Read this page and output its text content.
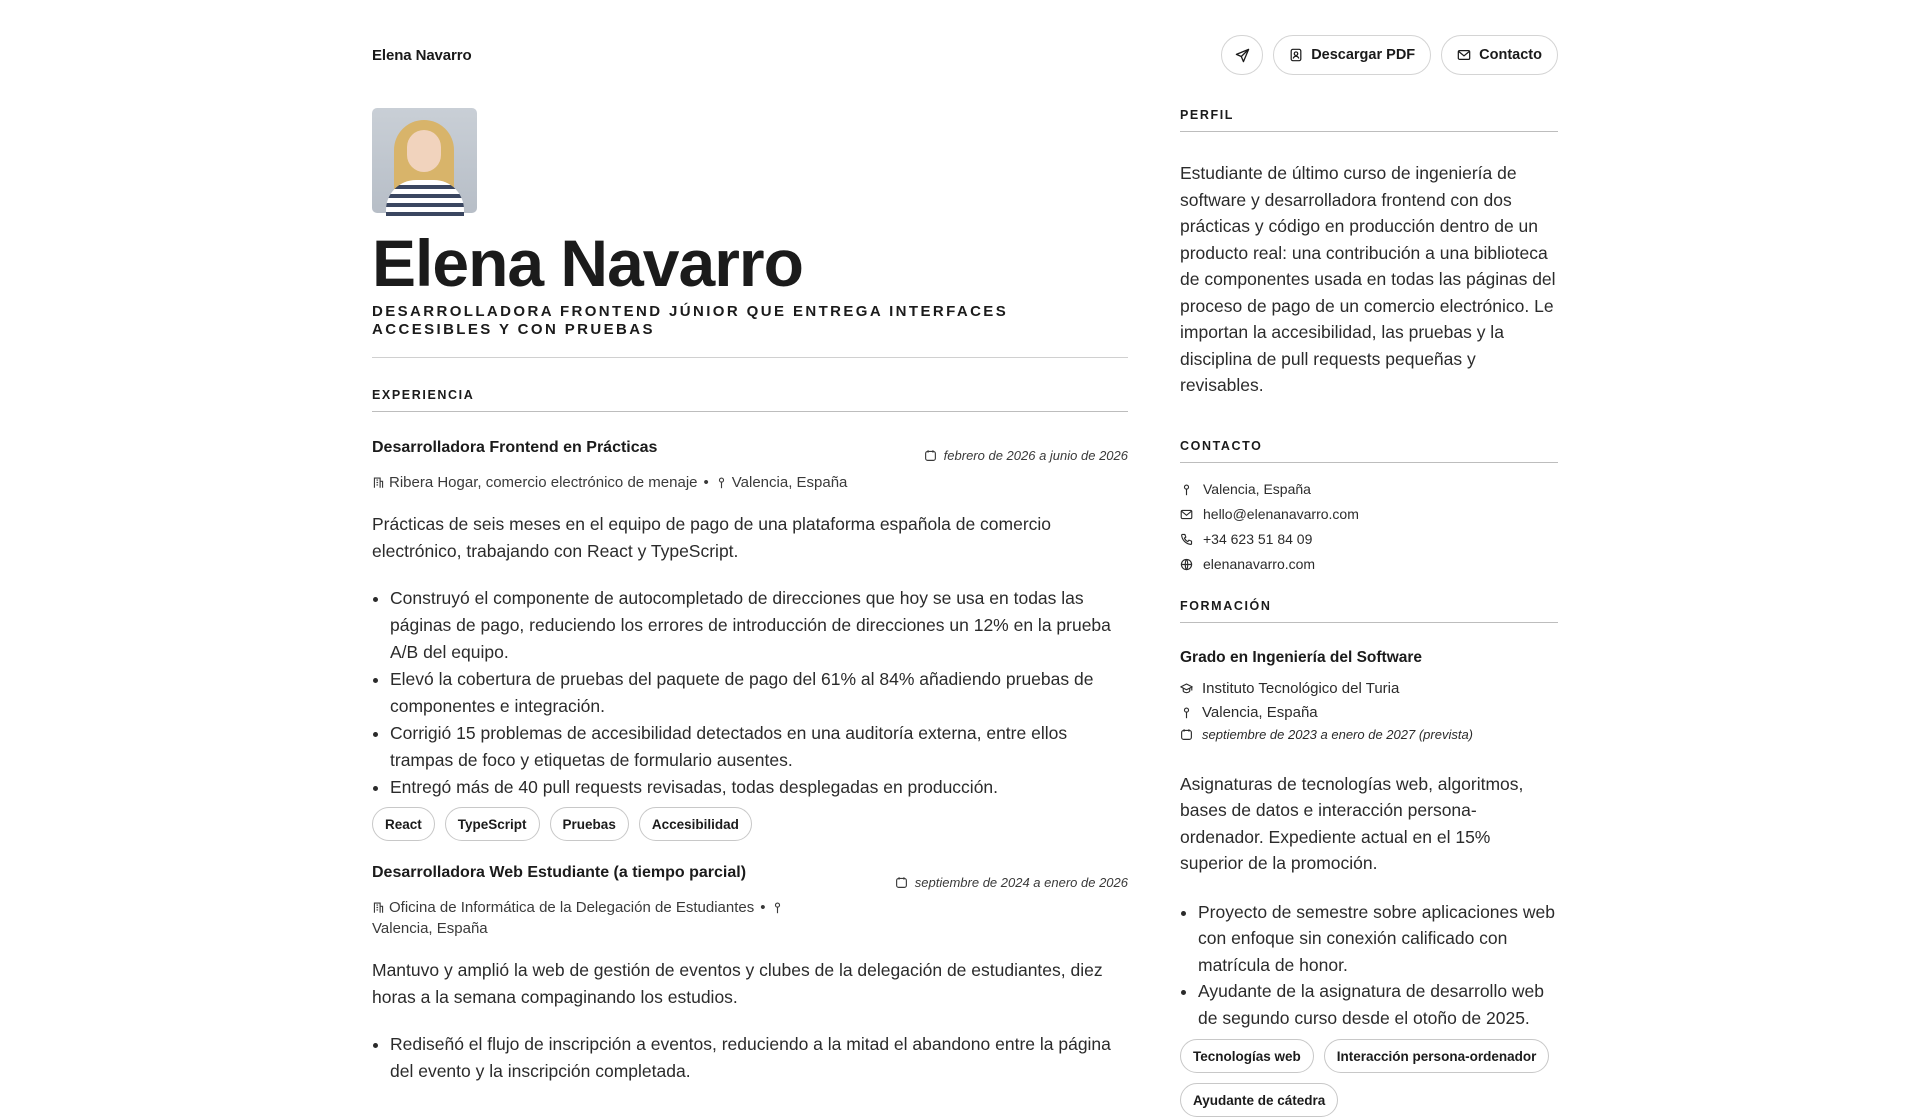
Elena Navarro	Descargar PDF	Contacto
Elena Navarro
DESARROLLADORA FRONTEND JÚNIOR QUE ENTREGA INTERFACES ACCESIBLES Y CON PRUEBAS
EXPERIENCIA
Desarrolladora Frontend en Prácticas	febrero de 2026 a junio de 2026
Ribera Hogar, comercio electrónico de menaje • Valencia, España

Prácticas de seis meses en el equipo de pago de una plataforma española de comercio electrónico, trabajando con React y TypeScript.

• Construyó el componente de autocompletado de direcciones que hoy se usa en todas las páginas de pago, reduciendo los errores de introducción de direcciones un 12% en la prueba A/B del equipo.
• Elevó la cobertura de pruebas del paquete de pago del 61% al 84% añadiendo pruebas de componentes e integración.
• Corrigió 15 problemas de accesibilidad detectados en una auditoría externa, entre ellos trampas de foco y etiquetas de formulario ausentes.
• Entregó más de 40 pull requests revisadas, todas desplegadas en producción.
React	TypeScript	Pruebas	Accesibilidad
Desarrolladora Web Estudiante (a tiempo parcial)
septiembre de 2024 a enero de 2026
Oficina de Informática de la Delegación de Estudiantes •Valencia, España

Mantuvo y amplió la web de gestión de eventos y clubes de la delegación de estudiantes, diez horas a la semana compaginando los estudios.

• Rediseñó el flujo de inscripción a eventos, reduciendo a la mitad el abandono entre la página del evento y la inscripción completada.
PERFIL

Estudiante de último curso de ingeniería de software y desarrolladora frontend con dos prácticas y código en producción dentro de un producto real: una contribución a una biblioteca de componentes usada en todas las páginas del proceso de pago de un comercio electrónico. Le importan la accesibilidad, las pruebas y la disciplina de pull requests pequeñas y revisables.

CONTACTO
Valencia, España
hello@elenanavarro.com
+34 623 51 84 09
elenanavarro.com
FORMACIÓN
Grado en Ingeniería del Software
Instituto Tecnológico del Turia
Valencia, España
septiembre de 2023 a enero de 2027 (prevista)

Asignaturas de tecnologías web, algoritmos, bases de datos e interacción persona-ordenador. Expediente actual en el 15% superior de la promoción.

• Proyecto de semestre sobre aplicaciones web con enfoque sin conexión calificado con matrícula de honor.
• Ayudante de la asignatura de desarrollo web de segundo curso desde el otoño de 2025.
Tecnologías web	Interacción persona-ordenador
Ayudante de cátedra
